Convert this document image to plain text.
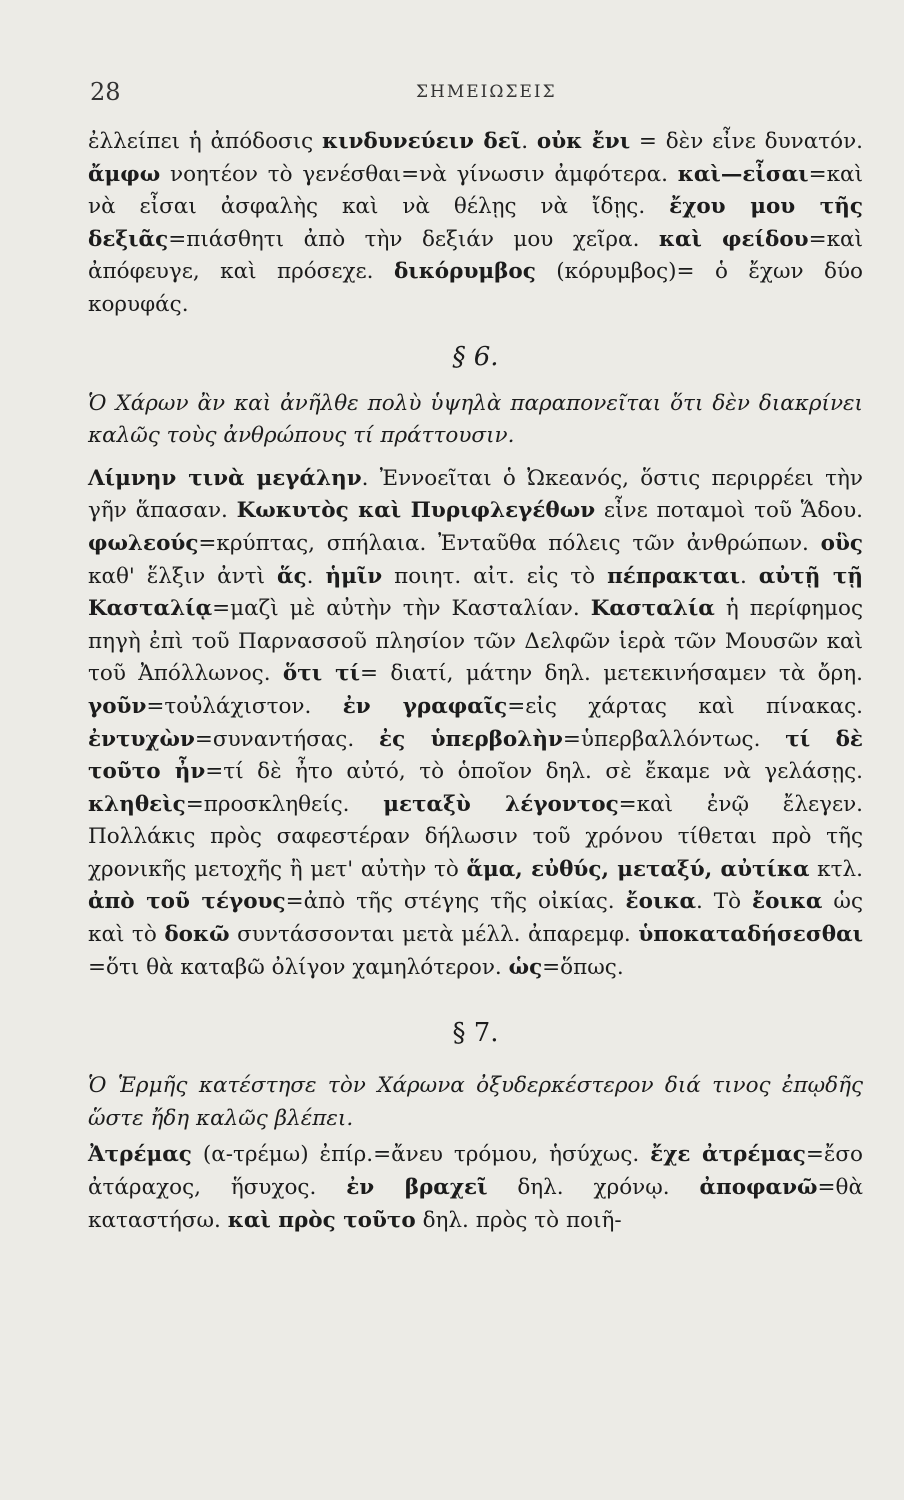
28	ΣΗΜΕΙΩΣΕΙΣ

ἐλλείπει ἡ ἀπόδοσις κινδυνεύειν δεῖ. οὐκ ἔνι = δὲν εἶνε δυνατόν. ἄμφω νοητέον τὸ γενέσθαι=νὰ γίνωσιν ἀμφότερα. καὶ—εἶσαι=καὶ νὰ εἶσαι ἀσφαλὴς καὶ νὰ θέλῃς νὰ ἴδῃς. ἔχου μου τῆς δεξιᾶς=πιάσθητι ἀπὸ τὴν δεξιάν μου χεῖρα. καὶ φείδου=καὶ ἀπόφευγε, καὶ πρόσεχε. δικόρυμβος (κόρυμβος)= ὁ ἔχων δύο κορυφάς.

§ 6.

Ὁ Χάρων ἂν καὶ ἀνῆλθε πολὺ ὑψηλὰ παραπονεῖται ὅτι δὲν διακρίνει καλῶς τοὺς ἀνθρώπους τί πράττουσιν.

Λίμνην τινὰ μεγάλην. Ἐννοεῖται ὁ Ὠκεανός, ὅστις περιρρέει τὴν γῆν ἅπασαν. Κωκυτὸς καὶ Πυριφλεγέθων εἶνε ποταμοὶ τοῦ Ἅδου. φωλεούς=κρύπτας, σπήλαια. Ἐνταῦθα πόλεις τῶν ἀνθρώπων. οὓς καθ' ἕλξιν ἀντὶ ἅς. ἡμῖν ποιητ. αἰτ. εἰς τὸ πέπρακται. αὐτῇ τῇ Κασταλίᾳ=μαζὶ μὲ αὐτὴν τὴν Κασταλίαν. Κασταλία ἡ περίφημος πηγὴ ἐπὶ τοῦ Παρνασσοῦ πλησίον τῶν Δελφῶν ἱερὰ τῶν Μουσῶν καὶ τοῦ Ἀπόλλωνος. ὅτι τί= διατί, μάτην δηλ. μετεκινήσαμεν τὰ ὄρη. γοῦν=τοὐλάχιστον. ἐν γραφαῖς=εἰς χάρτας καὶ πίνακας. ἐντυχὼν=συναντήσας. ἐς ὑπερβολὴν=ὑπερβαλλόντως. τί δὲ τοῦτο ἦν=τί δὲ ἦτο αὐτό, τὸ ὁποῖον δηλ. σὲ ἔκαμε νὰ γελάσῃς. κληθεὶς=προσκληθείς. μεταξὺ λέγοντος=καὶ ἐνῷ ἔλεγεν. Πολλάκις πρὸς σαφεστέραν δήλωσιν τοῦ χρόνου τίθεται πρὸ τῆς χρονικῆς μετοχῆς ἢ μετ' αὐτὴν τὸ ἅμα, εὐθύς, μεταξύ, αὐτίκα κτλ. ἀπὸ τοῦ τέγους=ἀπὸ τῆς στέγης τῆς οἰκίας. ἔοικα. Τὸ ἔοικα ὡς καὶ τὸ δοκῶ συντάσσονται μετὰ μέλλ. ἀπαρεμφ. ὑποκαταδήσεσθαι =ὅτι θὰ καταβῶ ὀλίγον χαμηλότερον. ὡς=ὅπως.

§ 7.

Ὁ Ἑρμῆς κατέστησε τὸν Χάρωνα ὀξυδερκέστερον διά τινος ἐπῳδῆς ὥστε ἤδη καλῶς βλέπει.

Ἀτρέμας (α-τρέμω) ἐπίρ.=ἄνευ τρόμου, ἡσύχως. ἔχε ἀτρέμας=ἔσο ἀτάραχος, ἥσυχος. ἐν βραχεῖ δηλ. χρόνῳ. ἀποφανῶ=θὰ καταστήσω. καὶ πρὸς τοῦτο δηλ. πρὸς τὸ ποιῆ-
